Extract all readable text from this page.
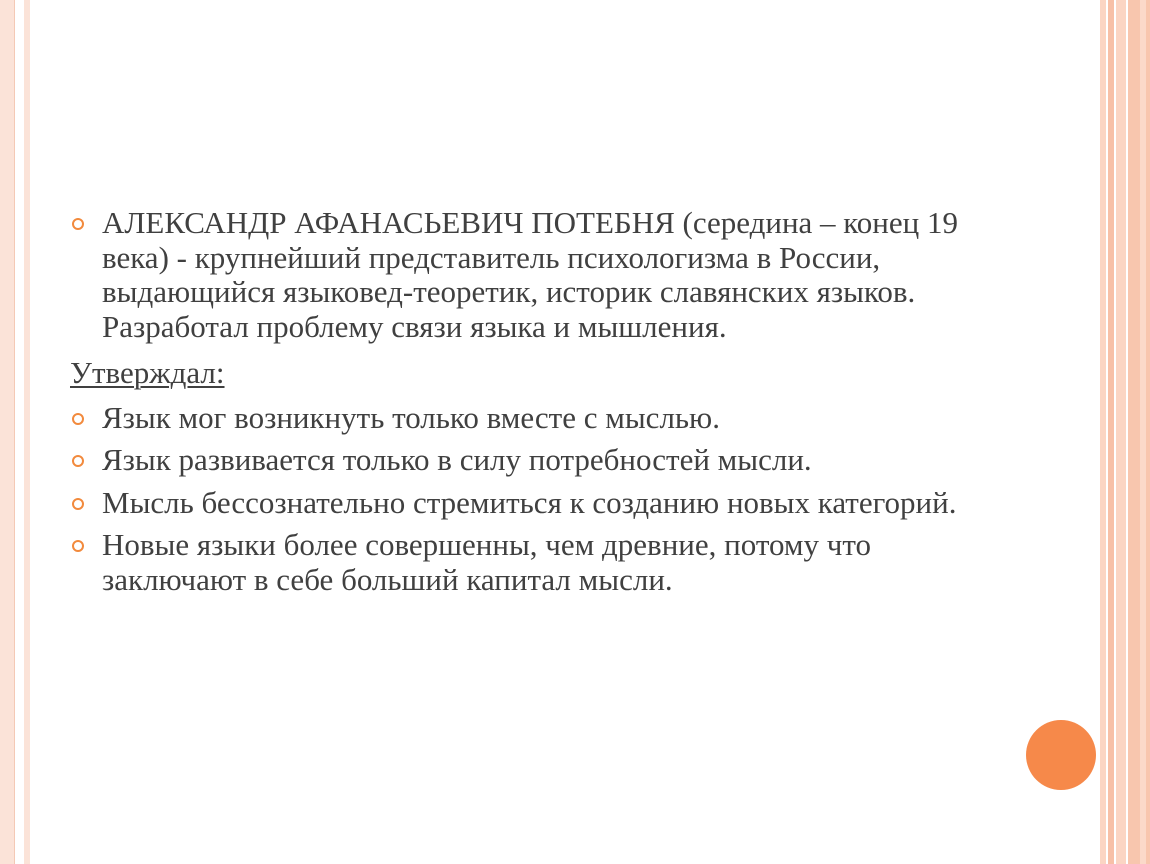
АЛЕКСАНДР АФАНАСЬЕВИЧ ПОТЕБНЯ (середина – конец 19 века) - крупнейший представитель психологизма в России, выдающийся языковед-теоретик, историк славянских языков. Разработал проблему связи языка и мышления.
Утверждал:
Язык мог возникнуть только вместе с мыслью.
Язык развивается только в силу потребностей мысли.
Мысль бессознательно стремиться к созданию новых категорий.
Новые языки более совершенны, чем древние, потому что заключают в себе больший капитал мысли.
